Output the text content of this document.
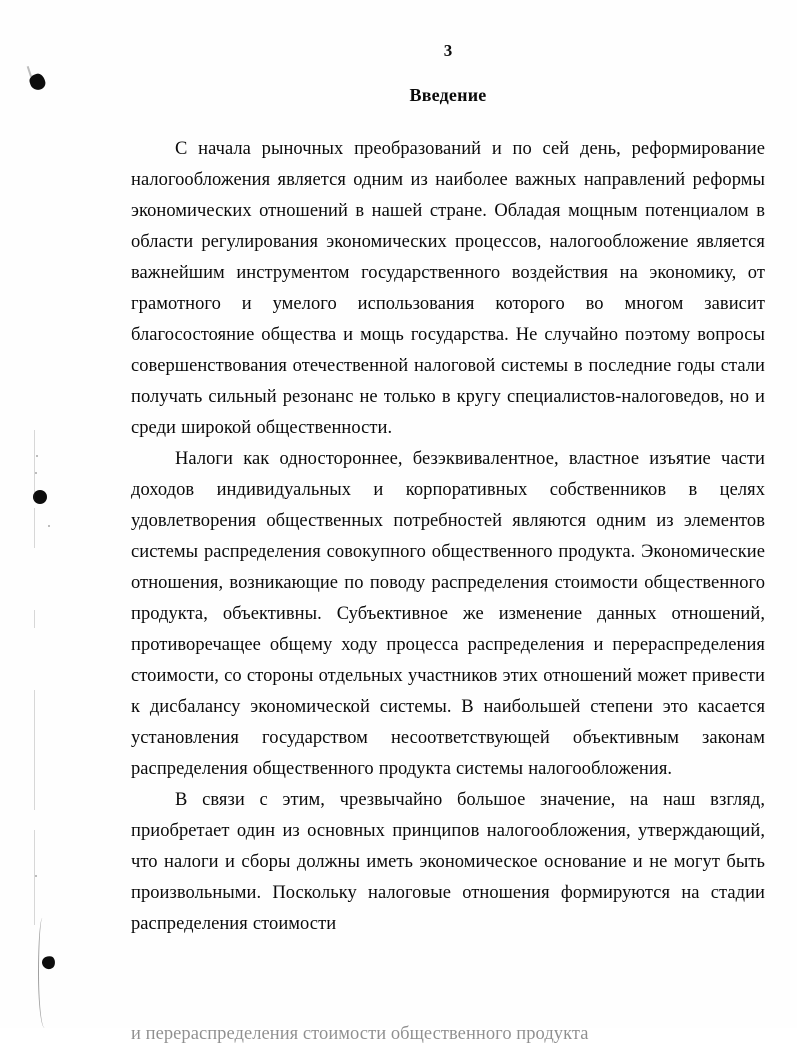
3
Введение

С начала рыночных преобразований и по сей день, реформирование налогообложения является одним из наиболее важных направлений реформы экономических отношений в нашей стране. Обладая мощным потенциалом в области регулирования экономических процессов, налогообложение является важнейшим инструментом государственного воздействия на экономику, от грамотного и умелого использования которого во многом зависит благосостояние общества и мощь государства. Не случайно поэтому вопросы совершенствования отечественной налоговой системы в последние годы стали получать сильный резонанс не только в кругу специалистов-налоговедов, но и среди широкой общественности.

Налоги как одностороннее, безэквивалентное, властное изъятие части доходов индивидуальных и корпоративных собственников в целях удовлетворения общественных потребностей являются одним из элементов системы распределения совокупного общественного продукта. Экономические отношения, возникающие по поводу распределения стоимости общественного продукта, объективны. Субъективное же изменение данных отношений, противоречащее общему ходу процесса распределения и перераспределения стоимости, со стороны отдельных участников этих отношений может привести к дисбалансу экономической системы. В наибольшей степени это касается установления государством несоответствующей объективным законам распределения общественного продукта системы налогообложения.

В связи с этим, чрезвычайно большое значение, на наш взгляд, приобретает один из основных принципов налогообложения, утверждающий, что налоги и сборы должны иметь экономическое основание и не могут быть произвольными. Поскольку налоговые отношения формируются на стадии распределения стоимости

и перераспределения стоимости общественного продукта
